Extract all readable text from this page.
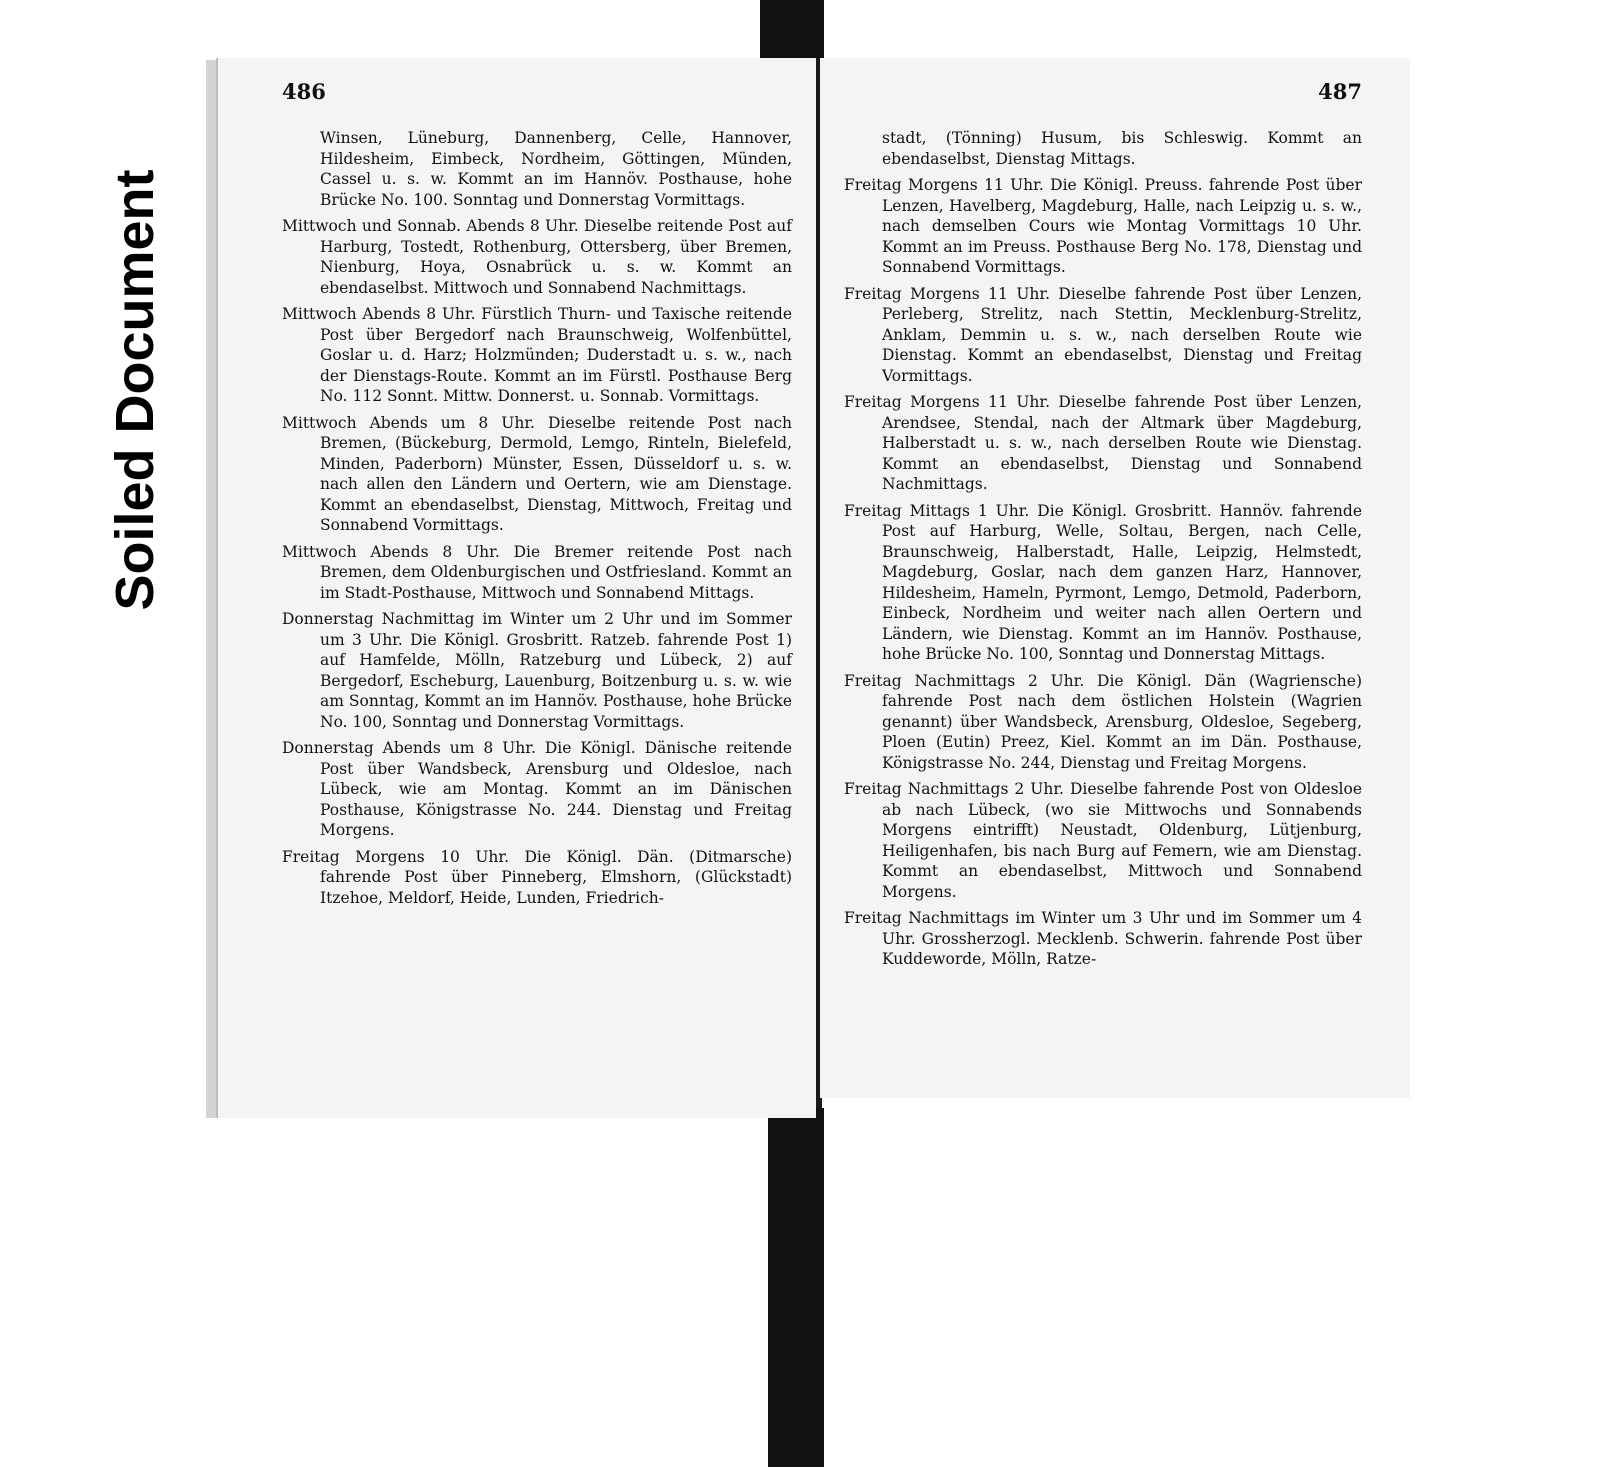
Soiled Document
486

Winsen, Lüneburg, Dannenberg, Celle, Hannover, Hildesheim, Eimbeck, Nordheim, Göttingen, Münden, Cassel u. s. w. Kommt an im Hannöv. Posthause, hohe Brücke No. 100. Sonntag und Donnerstag Vormittags.

Mittwoch und Sonnab. Abends 8 Uhr. Dieselbe reitende Post auf Harburg, Tostedt, Rothenburg, Ottersberg, über Bremen, Nienburg, Hoya, Osnabrück u. s. w. Kommt an ebendaselbst. Mittwoch und Sonnabend Nachmittags.

Mittwoch Abends 8 Uhr. Fürstlich Thurn- und Taxische reitende Post über Bergedorf nach Braunschweig, Wolfenbüttel, Goslar u. d. Harz; Holzmünden; Duderstadt u. s. w., nach der Dienstags-Route. Kommt an im Fürstl. Posthause Berg No. 112 Sonnt. Mittw. Donnerst. u. Sonnab. Vormittags.

Mittwoch Abends um 8 Uhr. Dieselbe reitende Post nach Bremen, (Bückeburg, Dermold, Lemgo, Rinteln, Bielefeld, Minden, Paderborn) Münster, Essen, Düsseldorf u. s. w. nach allen den Ländern und Oertern, wie am Dienstage. Kommt an ebendaselbst, Dienstag, Mittwoch, Freitag und Sonnabend Vormittags.

Mittwoch Abends 8 Uhr. Die Bremer reitende Post nach Bremen, dem Oldenburgischen und Ostfriesland. Kommt an im Stadt-Posthause, Mittwoch und Sonnabend Mittags.

Donnerstag Nachmittag im Winter um 2 Uhr und im Sommer um 3 Uhr. Die Königl. Grosbritt. Ratzeb. fahrende Post 1) auf Hamfelde, Mölln, Ratzeburg und Lübeck, 2) auf Bergedorf, Escheburg, Lauenburg, Boitzenburg u. s. w. wie am Sonntag, Kommt an im Hannöv. Posthause, hohe Brücke No. 100, Sonntag und Donnerstag Vormittags.

Donnerstag Abends um 8 Uhr. Die Königl. Dänische reitende Post über Wandsbeck, Arensburg und Oldesloe, nach Lübeck, wie am Montag. Kommt an im Dänischen Posthause, Königstrasse No. 244. Dienstag und Freitag Morgens.

Freitag Morgens 10 Uhr. Die Königl. Dän. (Ditmarsche) fahrende Post über Pinneberg, Elmshorn, (Glückstadt) Itzehoe, Meldorf, Heide, Lunden, Friedrich-

487

stadt, (Tönning) Husum, bis Schleswig. Kommt an ebendaselbst, Dienstag Mittags.

Freitag Morgens 11 Uhr. Die Königl. Preuss. fahrende Post über Lenzen, Havelberg, Magdeburg, Halle, nach Leipzig u. s. w., nach demselben Cours wie Montag Vormittags 10 Uhr. Kommt an im Preuss. Posthause Berg No. 178, Dienstag und Sonnabend Vormittags.

Freitag Morgens 11 Uhr. Dieselbe fahrende Post über Lenzen, Perleberg, Strelitz, nach Stettin, Mecklenburg-Strelitz, Anklam, Demmin u. s. w., nach derselben Route wie Dienstag. Kommt an ebendaselbst, Dienstag und Freitag Vormittags.

Freitag Morgens 11 Uhr. Dieselbe fahrende Post über Lenzen, Arendsee, Stendal, nach der Altmark über Magdeburg, Halberstadt u. s. w., nach derselben Route wie Dienstag. Kommt an ebendaselbst, Dienstag und Sonnabend Nachmittags.

Freitag Mittags 1 Uhr. Die Königl. Grosbritt. Hannöv. fahrende Post auf Harburg, Welle, Soltau, Bergen, nach Celle, Braunschweig, Halberstadt, Halle, Leipzig, Helmstedt, Magdeburg, Goslar, nach dem ganzen Harz, Hannover, Hildesheim, Hameln, Pyrmont, Lemgo, Detmold, Paderborn, Einbeck, Nordheim und weiter nach allen Oertern und Ländern, wie Dienstag. Kommt an im Hannöv. Posthause, hohe Brücke No. 100, Sonntag und Donnerstag Mittags.

Freitag Nachmittags 2 Uhr. Die Königl. Dän (Wagriensche) fahrende Post nach dem östlichen Holstein (Wagrien genannt) über Wandsbeck, Arensburg, Oldesloe, Segeberg, Ploen (Eutin) Preez, Kiel. Kommt an im Dän. Posthause, Königstrasse No. 244, Dienstag und Freitag Morgens.

Freitag Nachmittags 2 Uhr. Dieselbe fahrende Post von Oldesloe ab nach Lübeck, (wo sie Mittwochs und Sonnabends Morgens eintrifft) Neustadt, Oldenburg, Lütjenburg, Heiligenhafen, bis nach Burg auf Femern, wie am Dienstag. Kommt an ebendaselbst, Mittwoch und Sonnabend Morgens.

Freitag Nachmittags im Winter um 3 Uhr und im Sommer um 4 Uhr. Grossherzogl. Mecklenb. Schwerin. fahrende Post über Kuddeworde, Mölln, Ratze-
